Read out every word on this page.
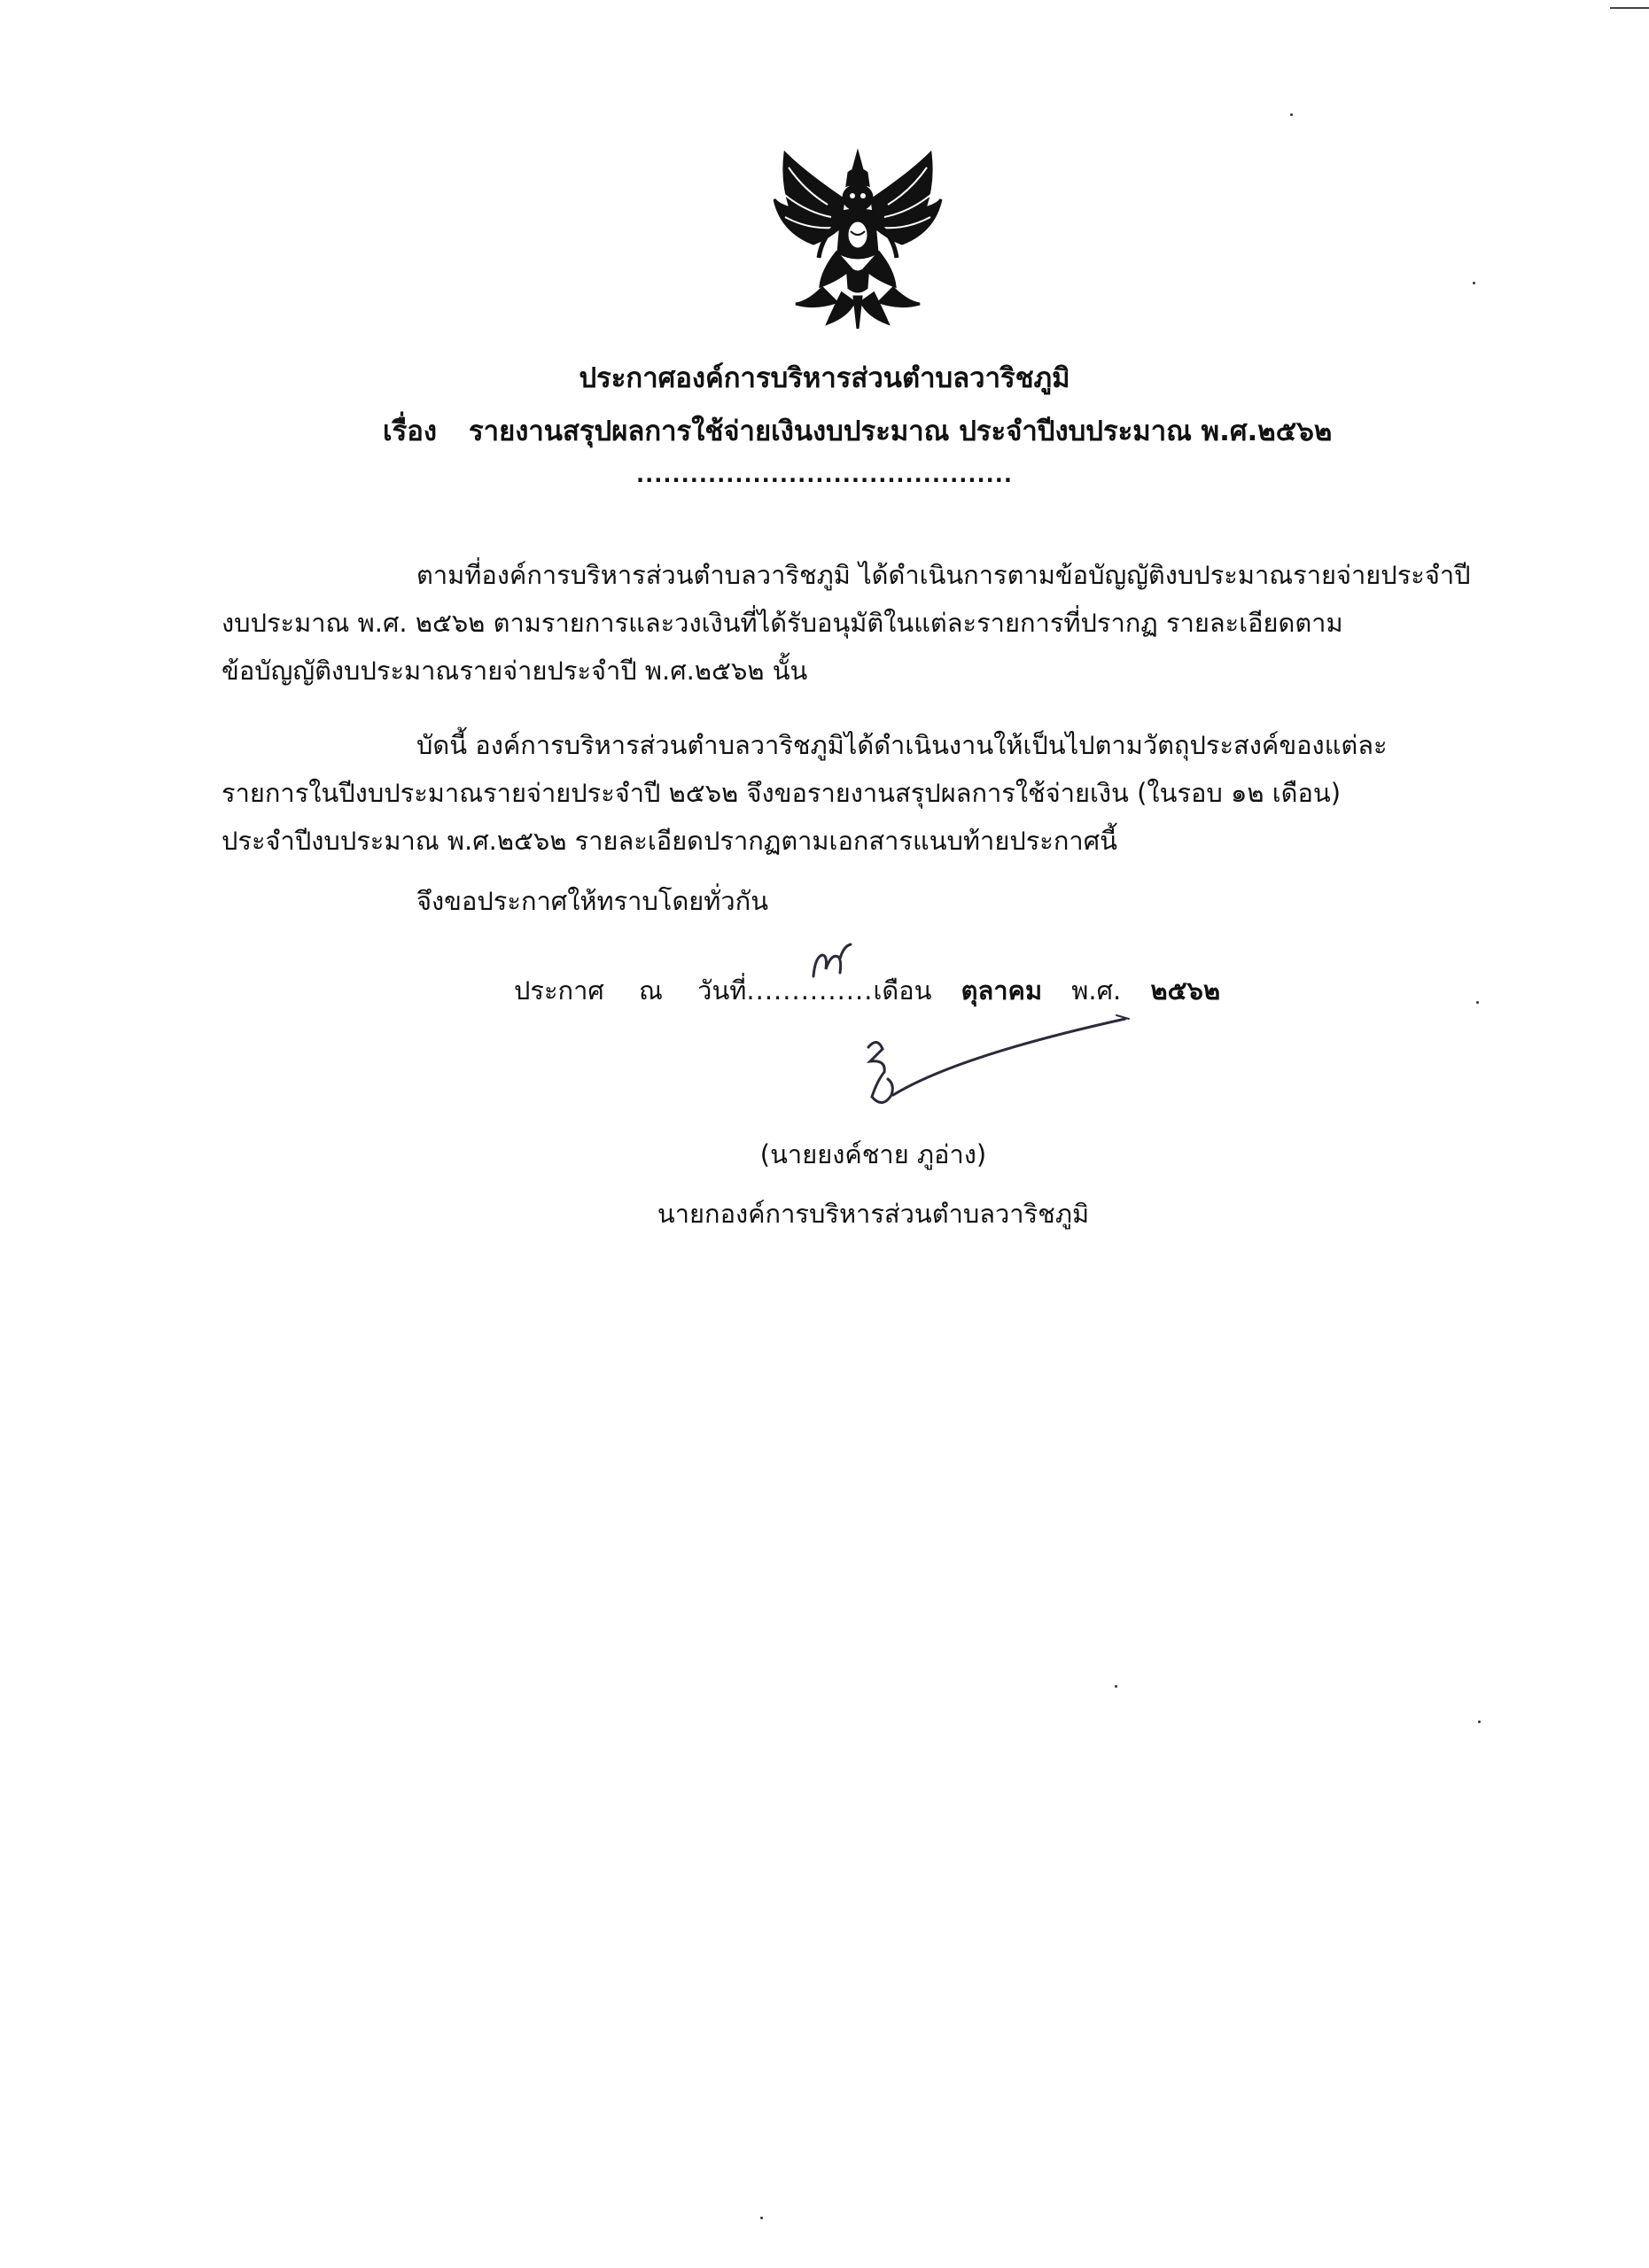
ประกาศองค์การบริหารส่วนตำบลวาริชภูมิ
เรื่อง รายงานสรุปผลการใช้จ่ายเงินงบประมาณ ประจำปีงบประมาณ พ.ศ.๒๕๖๒
..........................................
ตามที่องค์การบริหารส่วนตำบลวาริชภูมิ ได้ดำเนินการตามข้อบัญญัติงบประมาณรายจ่ายประจำปี
งบประมาณ พ.ศ. ๒๕๖๒ ตามรายการและวงเงินที่ได้รับอนุมัติในแต่ละรายการที่ปรากฏ รายละเอียดตาม
ข้อบัญญัติงบประมาณรายจ่ายประจำปี พ.ศ.๒๕๖๒ นั้น
บัดนี้ องค์การบริหารส่วนตำบลวาริชภูมิได้ดำเนินงานให้เป็นไปตามวัตถุประสงค์ของแต่ละ
รายการในปีงบประมาณรายจ่ายประจำปี ๒๕๖๒ จึงขอรายงานสรุปผลการใช้จ่ายเงิน (ในรอบ ๑๒ เดือน)
ประจำปีงบประมาณ พ.ศ.๒๕๖๒ รายละเอียดปรากฏตามเอกสารแนบท้ายประกาศนี้
จึงขอประกาศให้ทราบโดยทั่วกัน
ประกาศ ณ วันที่..............เดือน ตุลาคม พ.ศ. ๒๕๖๒
(นายยงค์ชาย ภูอ่าง)
นายกองค์การบริหารส่วนตำบลวาริชภูมิ
